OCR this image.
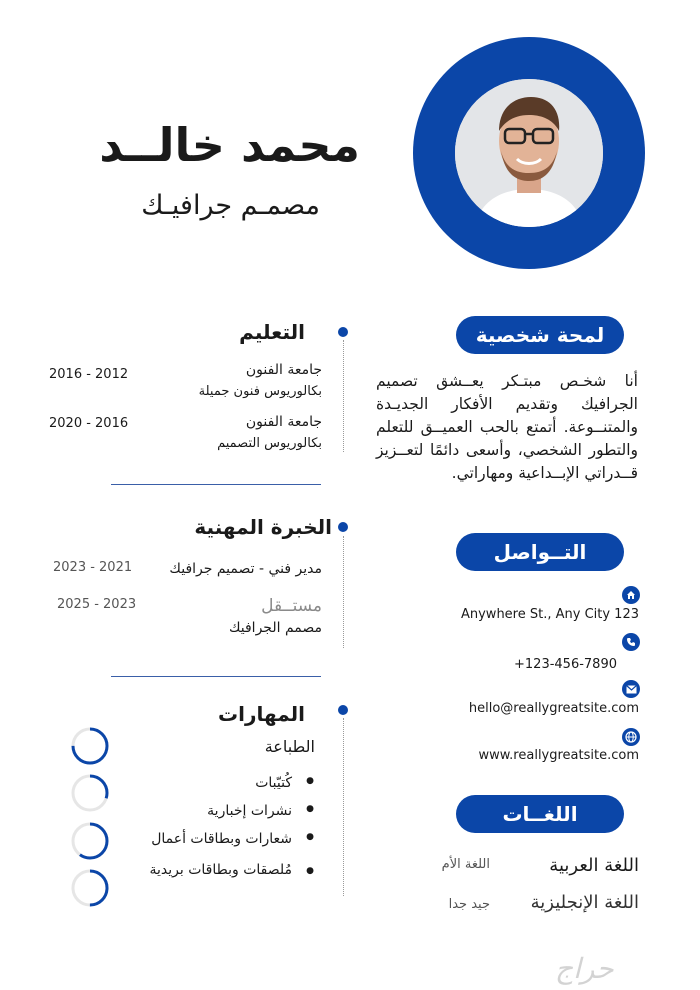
محمد خالــد
مصمـم جرافيـك
لمحة شخصية
أنا شخـص مبتـكر يعــشق تصميم الجرافيك وتقديم الأفكار الجديـدة والمتنــوعة. أتمتع بالحب العميــق للتعلم والتطور الشخصي، وأسعى دائمًا لتعــزيز قــدراتي الإبــداعية ومهاراتي.
التــواصل
Anywhere St., Any City 123
+123-456-7890
hello@reallygreatsite.com
www.reallygreatsite.com
اللغــات
اللغة العربية
اللغة الأم
اللغة الإنجليزية
جيد جدا
التعليم
جامعة الفنون
بكالوريوس فنون جميلة
2016 - 2012
جامعة الفنون
بكالوريوس التصميم
2020 - 2016
الخبرة المهنية
مدير فني - تصميم جرافيك
2023 - 2021
مستــقل
مصمم الجرافيك
2025 - 2023
المهارات
الطباعة
كُتيّبات ●
نشرات إخبارية ●
شعارات وبطاقات أعمال ●
مُلصقات وبطاقات بريدية ●
حراج
